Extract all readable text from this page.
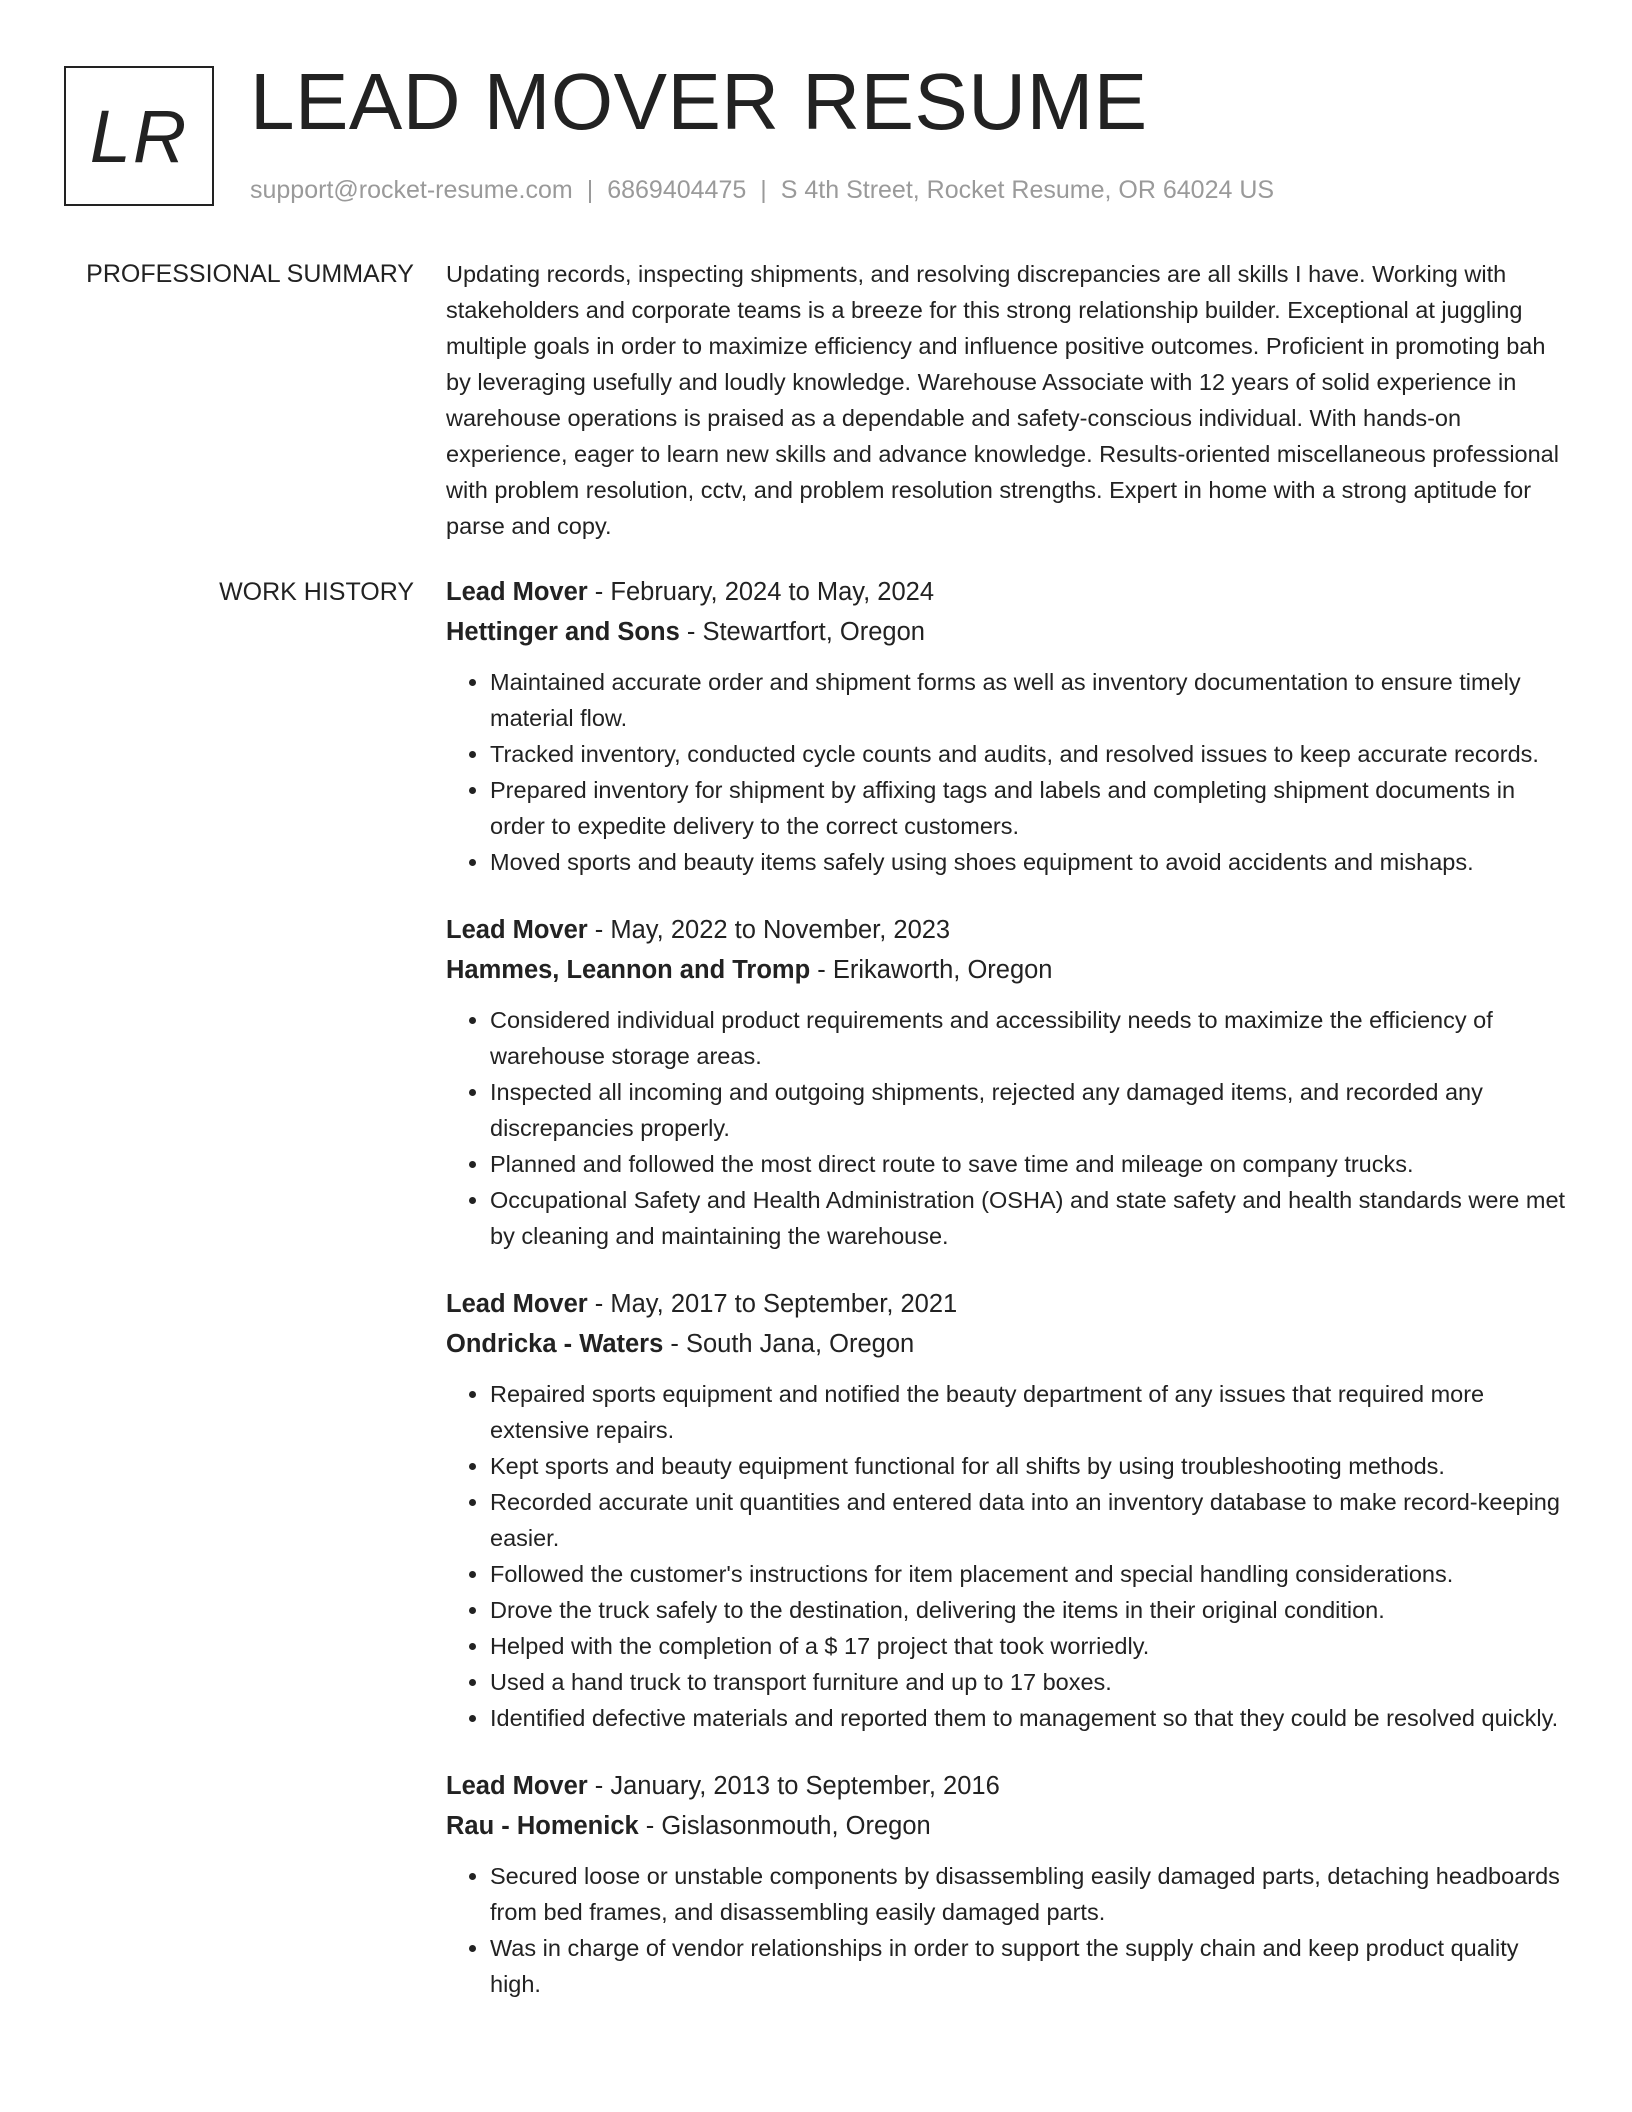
LR LEAD MOVER RESUME
support@rocket-resume.com | 6869404475 | S 4th Street, Rocket Resume, OR 64024 US
PROFESSIONAL SUMMARY Updating records, inspecting shipments, and resolving discrepancies are all skills I have. Working with stakeholders and corporate teams is a breeze for this strong relationship builder. Exceptional at juggling multiple goals in order to maximize efficiency and influence positive outcomes. Proficient in promoting bah by leveraging usefully and loudly knowledge. Warehouse Associate with 12 years of solid experience in warehouse operations is praised as a dependable and safety-conscious individual. With hands-on experience, eager to learn new skills and advance knowledge. Results-oriented miscellaneous professional with problem resolution, cctv, and problem resolution strengths. Expert in home with a strong aptitude for parse and copy.

WORK HISTORY Lead Mover - February, 2024 to May, 2024
Hettinger and Sons - Stewartfort, Oregon
• Maintained accurate order and shipment forms as well as inventory documentation to ensure timely material flow.
• Tracked inventory, conducted cycle counts and audits, and resolved issues to keep accurate records.
• Prepared inventory for shipment by affixing tags and labels and completing shipment documents in order to expedite delivery to the correct customers.
• Moved sports and beauty items safely using shoes equipment to avoid accidents and mishaps.
Lead Mover - May, 2022 to November, 2023
Hammes, Leannon and Tromp - Erikaworth, Oregon
• Considered individual product requirements and accessibility needs to maximize the efficiency of warehouse storage areas.
• Inspected all incoming and outgoing shipments, rejected any damaged items, and recorded any discrepancies properly.
• Planned and followed the most direct route to save time and mileage on company trucks.
• Occupational Safety and Health Administration (OSHA) and state safety and health standards were met by cleaning and maintaining the warehouse.
Lead Mover - May, 2017 to September, 2021
Ondricka - Waters - South Jana, Oregon
• Repaired sports equipment and notified the beauty department of any issues that required more extensive repairs.
• Kept sports and beauty equipment functional for all shifts by using troubleshooting methods.
• Recorded accurate unit quantities and entered data into an inventory database to make record-keeping easier.
• Followed the customer's instructions for item placement and special handling considerations.
• Drove the truck safely to the destination, delivering the items in their original condition.
• Helped with the completion of a $ 17 project that took worriedly.
• Used a hand truck to transport furniture and up to 17 boxes.
• Identified defective materials and reported them to management so that they could be resolved quickly.
Lead Mover - January, 2013 to September, 2016
Rau - Homenick - Gislasonmouth, Oregon
• Secured loose or unstable components by disassembling easily damaged parts, detaching headboards from bed frames, and disassembling easily damaged parts.
• Was in charge of vendor relationships in order to support the supply chain and keep product quality high.
